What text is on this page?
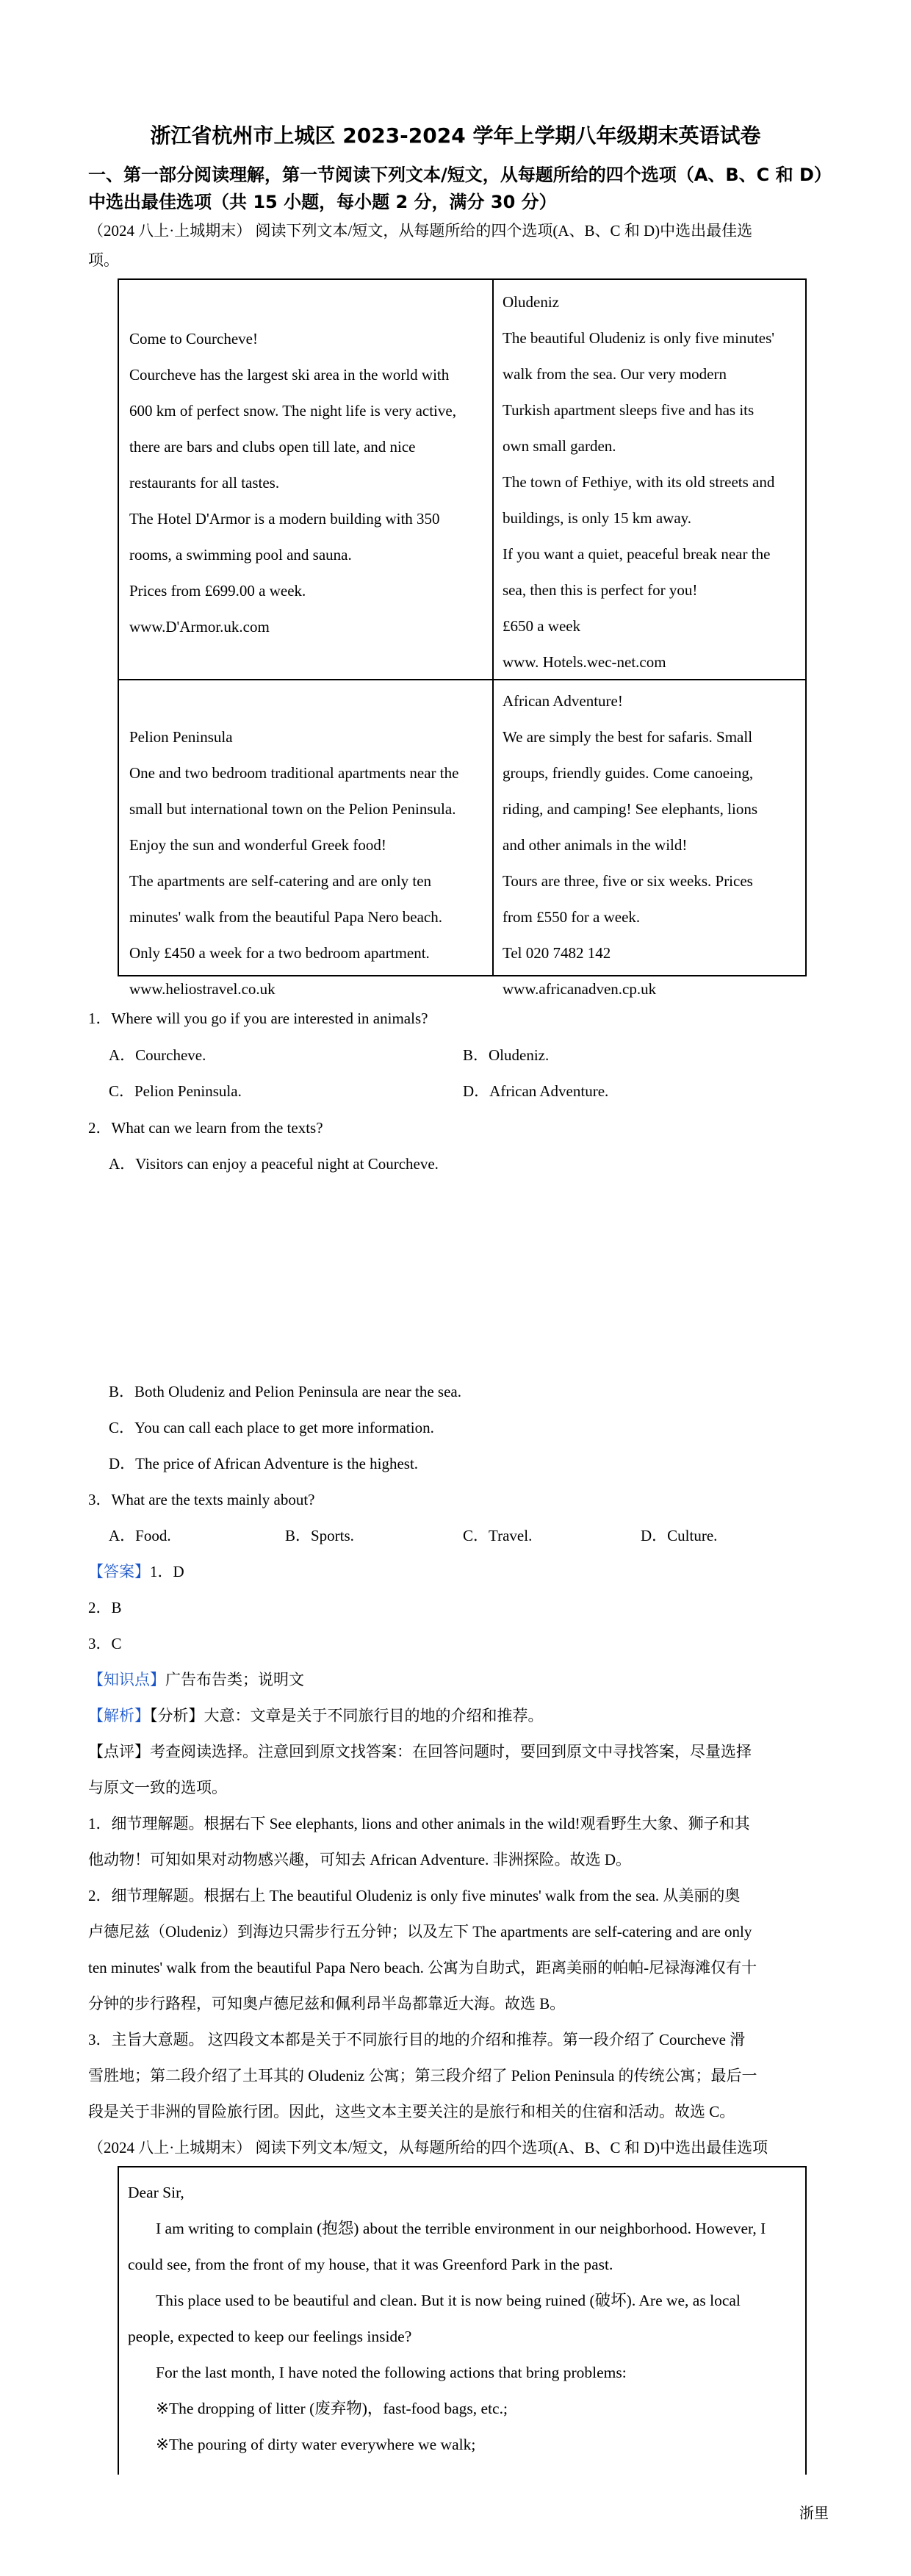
浙江省杭州市上城区 2023-2024 学年上学期八年级期末英语试卷
一、第一部分阅读理解，第一节阅读下列文本/短文，从每题所给的四个选项（A、B、C 和 D）
中选出最佳选项（共 15 小题，每小题 2 分，满分 30 分）
（2024 八上·上城期末） 阅读下列文本/短文，从每题所给的四个选项(A、B、C 和 D)中选出最佳选
项。
Come to Courcheve!
Courcheve has the largest ski area in the world with
600 km of perfect snow. The night life is very active,
there are bars and clubs open till late, and nice
restaurants for all tastes.
The Hotel D'Armor is a modern building with 350
rooms, a swimming pool and sauna.
Prices from £699.00 a week.
www.D'Armor.uk.com
Oludeniz
The beautiful Oludeniz is only five minutes'
walk from the sea. Our very modern
Turkish apartment sleeps five and has its
own small garden.
The town of Fethiye, with its old streets and
buildings, is only 15 km away.
If you want a quiet, peaceful break near the
sea, then this is perfect for you!
£650 a week
www. Hotels.wec-net.com
Pelion Peninsula
One and two bedroom traditional apartments near the
small but international town on the Pelion Peninsula.
Enjoy the sun and wonderful Greek food!
The apartments are self-catering and are only ten
minutes' walk from the beautiful Papa Nero beach.
Only £450 a week for a two bedroom apartment.
www.heliostravel.co.uk
African Adventure!
We are simply the best for safaris. Small
groups, friendly guides. Come canoeing,
riding, and camping! See elephants, lions
and other animals in the wild!
Tours are three, five or six weeks. Prices
from £550 for a week.
Tel 020 7482 142
www.africanadven.cp.uk
1．Where will you go if you are interested in animals?
A．Courcheve.	B．Oludeniz.
C．Pelion Peninsula.	D．African Adventure.
2．What can we learn from the texts?
A．Visitors can enjoy a peaceful night at Courcheve.
B．Both Oludeniz and Pelion Peninsula are near the sea.
C．You can call each place to get more information.
D．The price of African Adventure is the highest.
3．What are the texts mainly about?
A．Food.	B．Sports.	C．Travel.	D．Culture.
【答案】1．D
2．B
3．C
【知识点】广告布告类；说明文
【解析】【分析】大意：文章是关于不同旅行目的地的介绍和推荐。
【点评】考查阅读选择。注意回到原文找答案：在回答问题时，要回到原文中寻找答案，尽量选择
与原文一致的选项。
1．细节理解题。根据右下 See elephants, lions and other animals in the wild!观看野生大象、狮子和其
他动物！可知如果对动物感兴趣，可知去 African Adventure. 非洲探险。故选 D。
2．细节理解题。根据右上 The beautiful Oludeniz is only five minutes' walk from the sea. 从美丽的奥
卢德尼兹（Oludeniz）到海边只需步行五分钟；以及左下 The apartments are self-catering and are only
ten minutes' walk from the beautiful Papa Nero beach. 公寓为自助式，距离美丽的帕帕-尼禄海滩仅有十
分钟的步行路程，可知奥卢德尼兹和佩利昂半岛都靠近大海。故选 B。
3．主旨大意题。 这四段文本都是关于不同旅行目的地的介绍和推荐。第一段介绍了 Courcheve 滑
雪胜地；第二段介绍了土耳其的 Oludeniz 公寓；第三段介绍了 Pelion Peninsula 的传统公寓；最后一
段是关于非洲的冒险旅行团。因此，这些文本主要关注的是旅行和相关的住宿和活动。故选 C。
（2024 八上·上城期末） 阅读下列文本/短文，从每题所给的四个选项(A、B、C 和 D)中选出最佳选项
Dear Sir,
I am writing to complain (抱怨) about the terrible environment in our neighborhood. However, I
could see, from the front of my house, that it was Greenford Park in the past.
This place used to be beautiful and clean. But it is now being ruined (破坏). Are we, as local
people, expected to keep our feelings inside?
For the last month, I have noted the following actions that bring problems:
※The dropping of litter (废弃物)，fast-food bags, etc.;
※The pouring of dirty water everywhere we walk;
浙里
